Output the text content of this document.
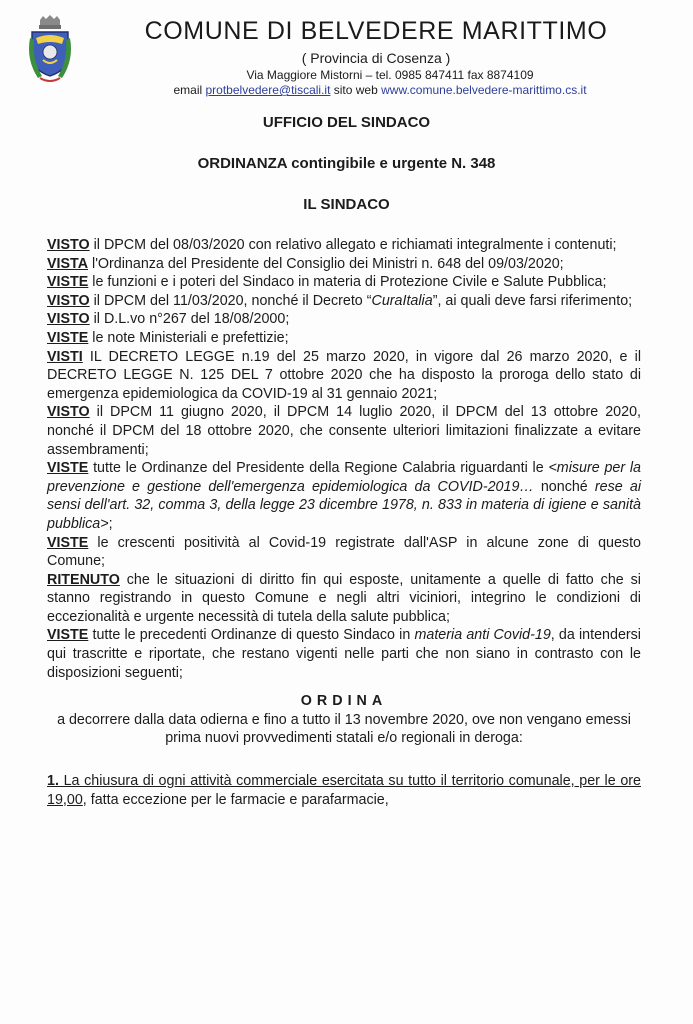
COMUNE DI BELVEDERE MARITTIMO
( Provincia di Cosenza )
Via Maggiore Mistorni – tel. 0985 847411 fax 8874109
email protbelvedere@tiscali.it sito web www.comune.belvedere-marittimo.cs.it
UFFICIO DEL SINDACO
ORDINANZA contingibile e urgente N. 348
IL SINDACO

VISTO il DPCM del 08/03/2020 con relativo allegato e richiamati integralmente i contenuti;

VISTA l'Ordinanza del Presidente del Consiglio dei Ministri n. 648 del 09/03/2020;

VISTE le funzioni e i poteri del Sindaco in materia di Protezione Civile e Salute Pubblica;

VISTO il DPCM del 11/03/2020, nonché il Decreto “CuraItalia”, ai quali deve farsi riferimento;

VISTO il D.L.vo n°267 del 18/08/2000;

VISTE le note Ministeriali e prefettizie;

VISTI IL DECRETO LEGGE n.19 del 25 marzo 2020, in vigore dal 26 marzo 2020, e il DECRETO LEGGE N. 125 DEL 7 ottobre 2020 che ha disposto la proroga dello stato di emergenza epidemiologica da COVID-19 al 31 gennaio 2021;

VISTO il DPCM 11 giugno 2020, il DPCM 14 luglio 2020, il DPCM del 13 ottobre 2020, nonché il DPCM del 18 ottobre 2020, che consente ulteriori limitazioni finalizzate a evitare assembramenti;

VISTE tutte le Ordinanze del Presidente della Regione Calabria riguardanti le <misure per la prevenzione e gestione dell'emergenza epidemiologica da COVID-2019… nonché rese ai sensi dell'art. 32, comma 3, della legge 23 dicembre 1978, n. 833 in materia di igiene e sanità pubblica>;

VISTE le crescenti positività al Covid-19 registrate dall'ASP in alcune zone di questo Comune;

RITENUTO che le situazioni di diritto fin qui esposte, unitamente a quelle di fatto che si stanno registrando in questo Comune e negli altri viciniori, integrino le condizioni di eccezionalità e urgente necessità di tutela della salute pubblica;

VISTE tutte le precedenti Ordinanze di questo Sindaco in materia anti Covid-19, da intendersi qui trascritte e riportate, che restano vigenti nelle parti che non siano in contrasto con le disposizioni seguenti;

ORDINA

a decorrere dalla data odierna e fino a tutto il 13 novembre 2020, ove non vengano emessi prima nuovi provvedimenti statali e/o regionali in deroga:

1. La chiusura di ogni attività commerciale esercitata su tutto il territorio comunale, per le ore 19,00, fatta eccezione per le farmacie e parafarmacie,
